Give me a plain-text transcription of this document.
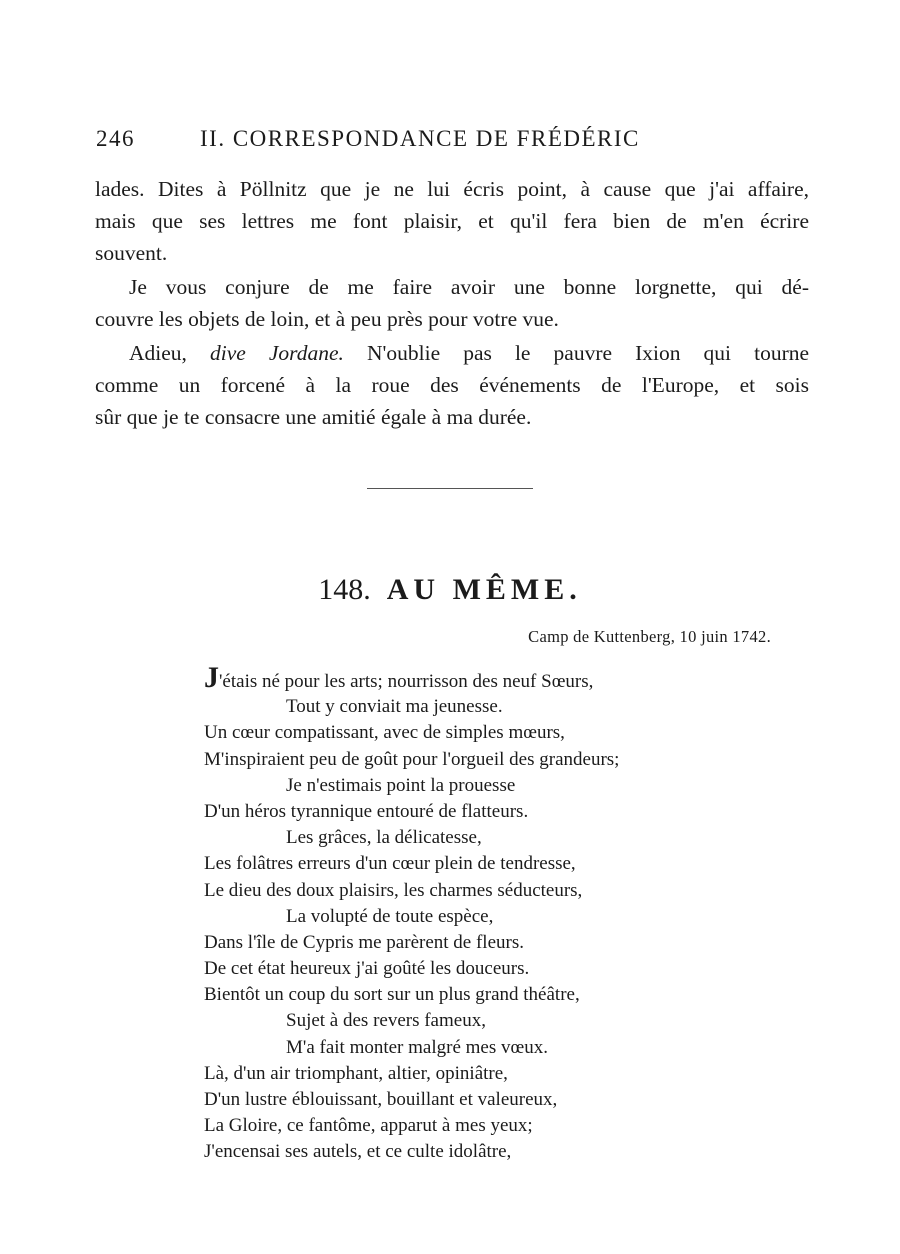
246	II. CORRESPONDANCE DE FRÉDÉRIC
lades. Dites à Pöllnitz que je ne lui écris point, à cause que j'ai affaire,
mais que ses lettres me font plaisir, et qu'il fera bien de m'en écrire
souvent.
Je vous conjure de me faire avoir une bonne lorgnette, qui dé-
couvre les objets de loin, et à peu près pour votre vue.
Adieu, dive Jordane. N'oublie pas le pauvre Ixion qui tourne
comme un forcené à la roue des événements de l'Europe, et sois
sûr que je te consacre une amitié égale à ma durée.
148. AU MÊME.
Camp de Kuttenberg, 10 juin 1742.
J'étais né pour les arts; nourrisson des neuf Sœurs,
Tout y conviait ma jeunesse.
Un cœur compatissant, avec de simples mœurs,
M'inspiraient peu de goût pour l'orgueil des grandeurs;
Je n'estimais point la prouesse
D'un héros tyrannique entouré de flatteurs.
Les grâces, la délicatesse,
Les folâtres erreurs d'un cœur plein de tendresse,
Le dieu des doux plaisirs, les charmes séducteurs,
La volupté de toute espèce,
Dans l'île de Cypris me parèrent de fleurs.
De cet état heureux j'ai goûté les douceurs.
Bientôt un coup du sort sur un plus grand théâtre,
Sujet à des revers fameux,
M'a fait monter malgré mes vœux.
Là, d'un air triomphant, altier, opiniâtre,
D'un lustre éblouissant, bouillant et valeureux,
La Gloire, ce fantôme, apparut à mes yeux;
J'encensai ses autels, et ce culte idolâtre,
